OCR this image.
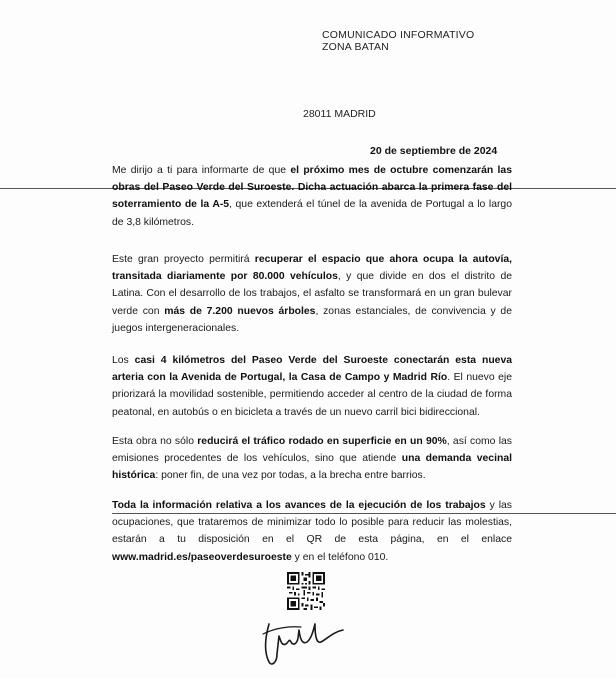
COMUNICADO INFORMATIVO
ZONA BATAN
28011 MADRID
20 de septiembre de 2024
Me dirijo a ti para informarte de que el próximo mes de octubre comenzarán las obras del Paseo Verde del Suroeste. Dicha actuación abarca la primera fase del soterramiento de la A-5, que extenderá el túnel de la avenida de Portugal a lo largo de 3,8 kilómetros.
Este gran proyecto permitirá recuperar el espacio que ahora ocupa la autovía, transitada diariamente por 80.000 vehículos, y que divide en dos el distrito de Latina. Con el desarrollo de los trabajos, el asfalto se transformará en un gran bulevar verde con más de 7.200 nuevos árboles, zonas estanciales, de convivencia y de juegos intergeneracionales.
Los casi 4 kilómetros del Paseo Verde del Suroeste conectarán esta nueva arteria con la Avenida de Portugal, la Casa de Campo y Madrid Río. El nuevo eje priorizará la movilidad sostenible, permitiendo acceder al centro de la ciudad de forma peatonal, en autobús o en bicicleta a través de un nuevo carril bici bidireccional.
Esta obra no sólo reducirá el tráfico rodado en superficie en un 90%, así como las emisiones procedentes de los vehículos, sino que atiende una demanda vecinal histórica: poner fin, de una vez por todas, a la brecha entre barrios.
Toda la información relativa a los avances de la ejecución de los trabajos y las ocupaciones, que trataremos de minimizar todo lo posible para reducir las molestias, estarán a tu disposición en el QR de esta página, en el enlace www.madrid.es/paseoverdesuroeste y en el teléfono 010.
